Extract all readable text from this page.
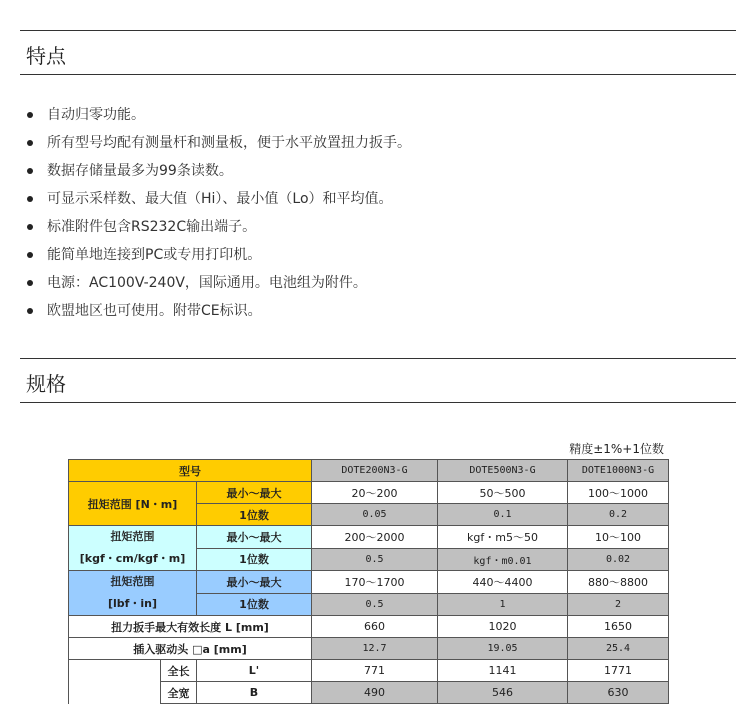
特点
自动归零功能。
所有型号均配有测量杆和测量板，便于水平放置扭力扳手。
数据存储量最多为99条读数。
可显示采样数、最大值（Hi）、最小值（Lo）和平均值。
标准附件包含RS232C输出端子。
能简单地连接到PC或专用打印机。
电源：AC100V-240V，国际通用。电池组为附件。
欧盟地区也可使用。附带CE标识。
规格
精度±1%+1位数
型号			DOTE200N3-G	DOTE500N3-G	DOTE1000N3-G
扭矩范围 [N・m]		最小～最大	20～200	50～500	100～1000
		1位数	0.05	0.1	0.2

扭矩范围
[kgf・cm/kgf・m]		最小～最大	200～2000	kgf・m5～50	10～100
		1位数	0.5	kgf・m0.01	0.02

扭矩范围
[lbf・in]		最小～最大	170～1700	440～4400	880～8800
		1位数	0.5	1	2
扭力扳手最大有效长度 L [mm]			660	1020	1650
插入驱动头 □a [mm]			12.7	19.05	25.4
	全长	L'	771	1141	1771
	全宽	B	490	546	630
